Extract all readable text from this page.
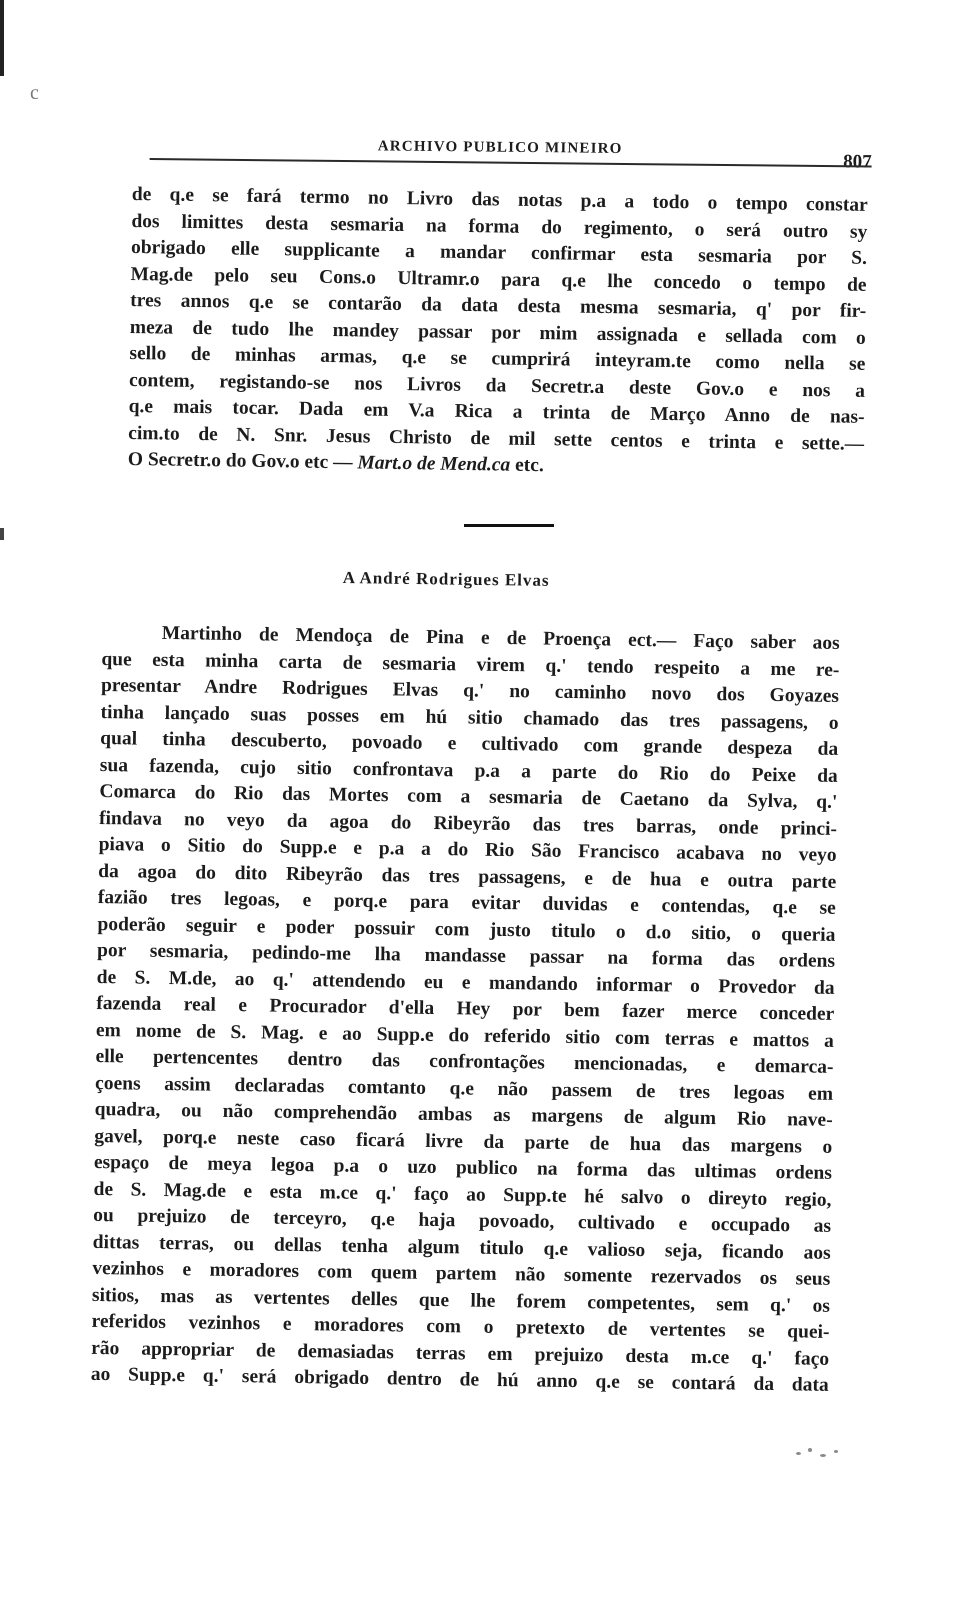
c
ARCHIVO PUBLICO MINEIRO
807
de q.e se fará termo no Livro das notas p.a a todo o tempo constar
dos limittes desta sesmaria na forma do regimento, o será outro sy
obrigado elle supplicante a mandar confirmar esta sesmaria por S.
Mag.de pelo seu Cons.o Ultramr.o para q.e lhe concedo o tempo de
tres annos q.e se contarão da data desta mesma sesmaria, q' por fir-
meza de tudo lhe mandey passar por mim assignada e sellada com o
sello de minhas armas, q.e se cumprirá inteyram.te como nella se
contem, registando-se nos Livros da Secretr.a deste Gov.o e nos a
q.e mais tocar. Dada em V.a Rica a trinta de Março Anno de nas-
cim.to de N. Snr. Jesus Christo de mil sette centos e trinta e sette.—
O Secretr.o do Gov.o etc — Mart.o de Mend.ca etc.
A André Rodrigues Elvas
Martinho de Mendoça de Pina e de Proença ect.— Faço saber aos
que esta minha carta de sesmaria virem q.' tendo respeito a me re-
presentar Andre Rodrigues Elvas q.' no caminho novo dos Goyazes
tinha lançado suas posses em hú sitio chamado das tres passagens, o
qual tinha descuberto, povoado e cultivado com grande despeza da
sua fazenda, cujo sitio confrontava p.a a parte do Rio do Peixe da
Comarca do Rio das Mortes com a sesmaria de Caetano da Sylva, q.'
findava no veyo da agoa do Ribeyrão das tres barras, onde princi-
piava o Sitio do Supp.e e p.a a do Rio São Francisco acabava no veyo
da agoa do dito Ribeyrão das tres passagens, e de hua e outra parte
fazião tres legoas, e porq.e para evitar duvidas e contendas, q.e se
poderão seguir e poder possuir com justo titulo o d.o sitio, o queria
por sesmaria, pedindo-me lha mandasse passar na forma das ordens
de S. M.de, ao q.' attendendo eu e mandando informar o Provedor da
fazenda real e Procurador d'ella Hey por bem fazer merce conceder
em nome de S. Mag. e ao Supp.e do referido sitio com terras e mattos a
elle pertencentes dentro das confrontações mencionadas, e demarca-
çoens assim declaradas comtanto q.e não passem de tres legoas em
quadra, ou não comprehendão ambas as margens de algum Rio nave-
gavel, porq.e neste caso ficará livre da parte de hua das margens o
espaço de meya legoa p.a o uzo publico na forma das ultimas ordens
de S. Mag.de e esta m.ce q.' faço ao Supp.te hé salvo o direyto regio,
ou prejuizo de terceyro, q.e haja povoado, cultivado e occupado as
dittas terras, ou dellas tenha algum titulo q.e valioso seja, ficando aos
vezinhos e moradores com quem partem não somente rezervados os seus
sitios, mas as vertentes delles que lhe forem competentes, sem q.' os
referidos vezinhos e moradores com o pretexto de vertentes se quei-
rão appropriar de demasiadas terras em prejuizo desta m.ce q.' faço
ao Supp.e q.' será obrigado dentro de hú anno q.e se contará da data
